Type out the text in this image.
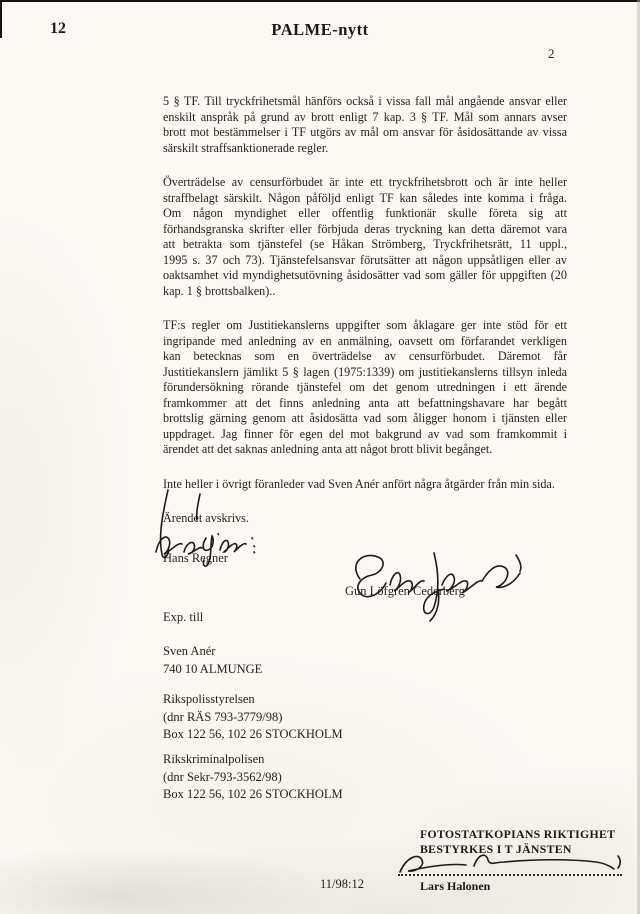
12	PALME-nytt
2
5 § TF. Till tryckfrihetsmål hänförs också i vissa fall mål angående ansvar eller
enskilt anspråk på grund av brott enligt 7 kap. 3 § TF. Mål som annars avser
brott mot bestämmelser i TF utgörs av mål om ansvar för åsidosättande av vissa
särskilt straffsanktionerade regler.
Överträdelse av censurförbudet är inte ett tryckfrihetsbrott och är inte heller
straffbelagt särskilt. Någon påföljd enligt TF kan således inte komma i fråga.
Om någon myndighet eller offentlig funktionär skulle företa sig att
förhandsgranska skrifter eller förbjuda deras tryckning kan detta däremot vara
att betrakta som tjänstefel (se Håkan Strömberg, Tryckfrihetsrätt, 11 uppl.,
1995 s. 37 och 73). Tjänstefelsansvar förutsätter att någon uppsåtligen eller av
oaktsamhet vid myndighetsutövning åsidosätter vad som gäller för uppgiften (20
kap. 1 § brottsbalken)..
TF:s regler om Justitiekanslerns uppgifter som åklagare ger inte stöd för ett
ingripande med anledning av en anmälning, oavsett om förfarandet verkligen
kan betecknas som en överträdelse av censurförbudet. Däremot får
Justitiekanslern jämlikt 5 § lagen (1975:1339) om justitiekanslerns tillsyn inleda
förundersökning rörande tjänstefel om det genom utredningen i ett ärende
framkommer att det finns anledning anta att befattningshavare har begått
brottslig gärning genom att åsidosätta vad som åligger honom i tjänsten eller
uppdraget. Jag finner för egen del mot bakgrund av vad som framkommit i
ärendet att det saknas anledning anta att något brott blivit begånget.
Inte heller i övrigt föranleder vad Sven Anér anfört några åtgärder från min sida.
Ärendet avskrivs.
Hans Regner
Gun Löfgren Cederberg
Exp. till
Sven Anér
740 10 ALMUNGE
Rikspolisstyrelsen
(dnr RÄS 793-3779/98)
Box 122 56, 102 26 STOCKHOLM
Rikskriminalpolisen
(dnr Sekr-793-3562/98)
Box 122 56, 102 26 STOCKHOLM
FOTOSTATKOPIANS RIKTIGHET
BESTYRKES I T JÄNSTEN
Lars Halonen
11/98:12
